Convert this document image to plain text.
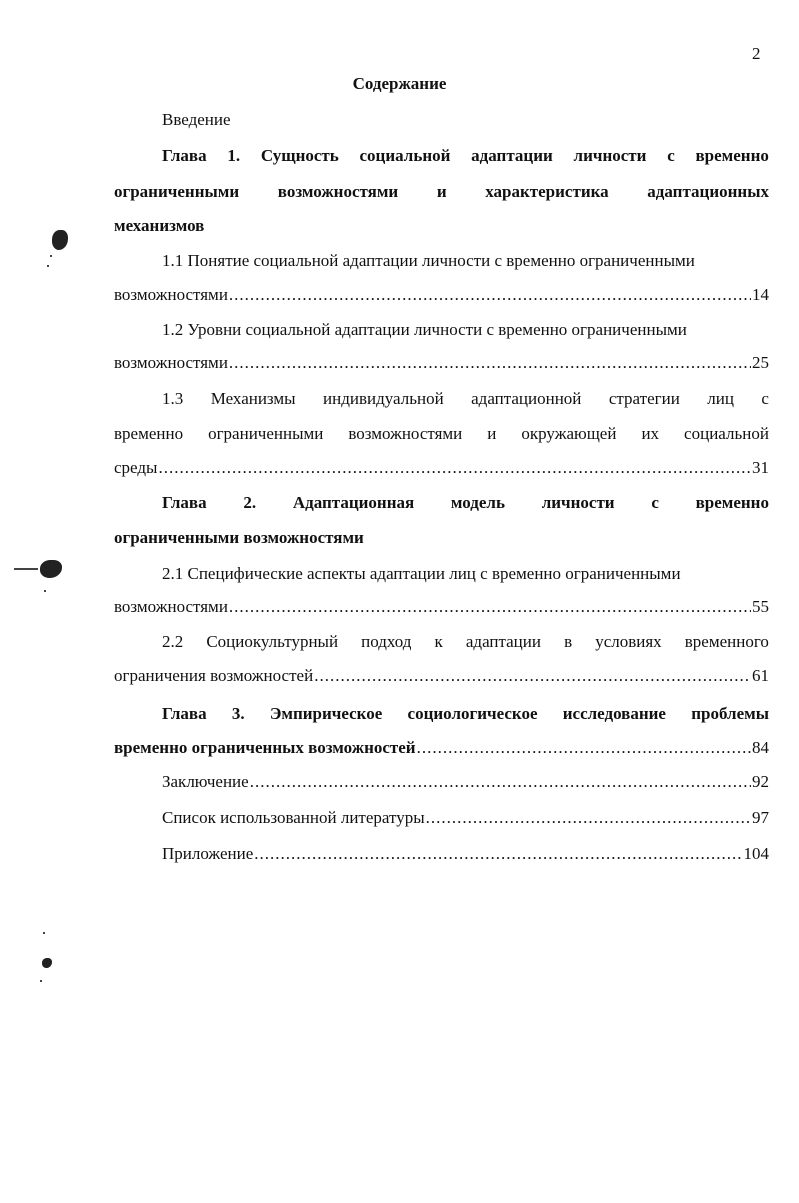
2
Содержание
Введение
Глава 1. Сущность социальной адаптации личности с временно
ограниченными возможностями и характеристика адаптационных
механизмов
1.1 Понятие социальной адаптации личности с временно ограниченными
возможностями .....	14
1.2 Уровни социальной адаптации личности с временно ограниченными
возможностями .....	25
1.3 Механизмы индивидуальной адаптационной стратегии лиц с
временно ограниченными возможностями и окружающей их социальной
среды .....	31
Глава 2. Адаптационная модель личности с временно
ограниченными возможностями
2.1 Специфические аспекты адаптации лиц с временно ограниченными
возможностями .....	55
2.2 Социокультурный подход к адаптации в условиях временного
ограничения возможностей .....	61
Глава 3. Эмпирическое социологическое исследование проблемы
временно ограниченных возможностей .....	84
Заключение .....	92
Список использованной литературы .....	97
Приложение .....	104
